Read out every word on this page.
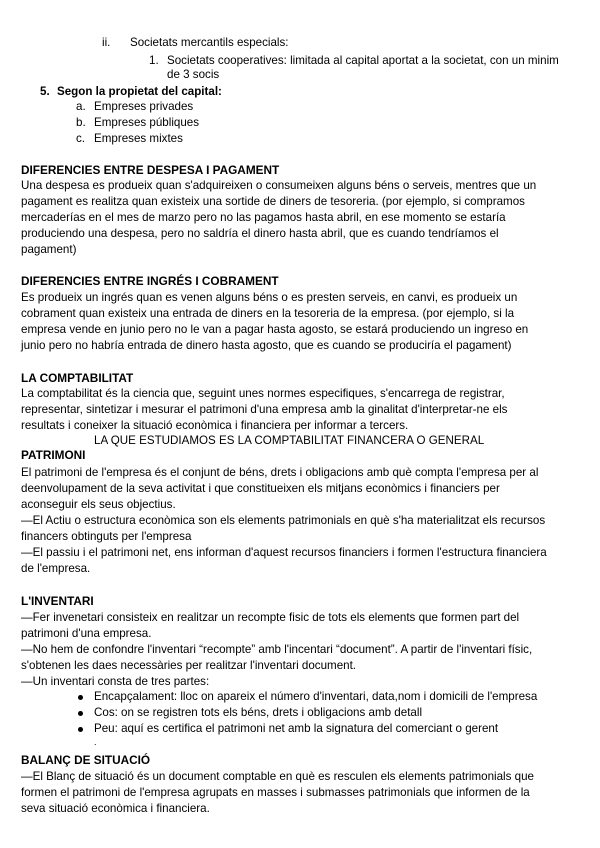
ii. Societats mercantils especials:
1. Societats cooperatives: limitada al capital aportat a la societat, con un minim
de 3 socis
5. Segon la propietat del capital:
a. Empreses privades
b. Empreses públiques
c. Empreses mixtes
DIFERENCIES ENTRE DESPESA I PAGAMENT
Una despesa es produeix quan s'adquireixen o consumeixen alguns béns o serveis, mentres que un
pagament es realitza quan existeix una sortide de diners de tesoreria. (por ejemplo, si compramos
mercaderías en el mes de marzo pero no las pagamos hasta abril, en ese momento se estaría
produciendo una despesa, pero no saldría el dinero hasta abril, que es cuando tendríamos el
pagament)
DIFERENCIES ENTRE INGRÉS I COBRAMENT
Es produeix un ingrés quan es venen alguns béns o es presten serveis, en canvi, es produeix un
cobrament quan existeix una entrada de diners en la tesoreria de la empresa. (por ejemplo, si la
empresa vende en junio pero no le van a pagar hasta agosto, se estará produciendo un ingreso en
junio pero no habría entrada de dinero hasta agosto, que es cuando se produciría el pagament)
LA COMPTABILITAT
La comptabilitat és la ciencia que, seguint unes normes especifiques, s'encarrega de registrar,
representar, sintetizar i mesurar el patrimoni d'una empresa amb la ginalitat d'interpretar-ne els
resultats i coneixer la situació econòmica i financiera per informar a tercers.
LA QUE ESTUDIAMOS ES LA COMPTABILITAT FINANCERA O GENERAL
PATRIMONI
El patrimoni de l'empresa és el conjunt de béns, drets i obligacions amb què compta l'empresa per al
deenvolupament de la seva activitat i que constitueixen els mitjans econòmics i financiers per
aconseguir els seus objectius.
—El Actiu o estructura econòmica son els elements patrimonials en què s'ha materialitzat els recursos
financers obtinguts per l'empresa
—El passiu i el patrimoni net, ens informan d'aquest recursos financiers i formen l'estructura financiera
de l'empresa.
L'INVENTARI
—Fer invenetari consisteix en realitzar un recompte fisic de tots els elements que formen part del
patrimoni d'una empresa.
—No hem de confondre l'inventari “recompte” amb l'incentari “document”. A partir de l'inventari físic,
s'obtenen les daes necessàries per realitzar l'inventari document.
—Un inventari consta de tres partes:
Encapçalament: lloc on apareix el número d'inventari, data,nom i domicili de l'empresa
Cos: on se registren tots els béns, drets i obligacions amb detall
Peu: aquí es certifica el patrimoni net amb la signatura del comerciant o gerent
.
BALANÇ DE SITUACIÓ
—El Blanç de situació és un document comptable en què es resculen els elements patrimonials que
formen el patrimoni de l'empresa agrupats en masses i submasses patrimonials que informen de la
seva situació econòmica i financiera.
